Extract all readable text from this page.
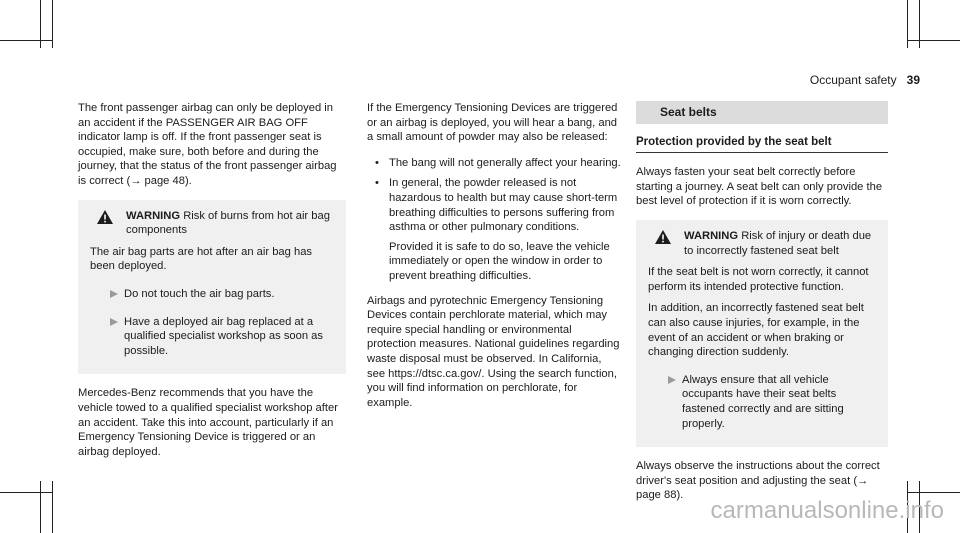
Occupant safety 39

The front passenger airbag can only be deployed in an accident if the PASSENGER AIR BAG OFF indicator lamp is off. If the front passenger seat is occupied, make sure, both before and during the journey, that the status of the front passenger airbag is correct (→ page 48).

WARNING Risk of burns from hot air bag components

The air bag parts are hot after an air bag has been deployed.

Do not touch the air bag parts.
Have a deployed air bag replaced at a qualified specialist workshop as soon as possible.

Mercedes-Benz recommends that you have the vehicle towed to a qualified specialist workshop after an accident. Take this into account, particularly if an Emergency Tensioning Device is triggered or an airbag deployed.

If the Emergency Tensioning Devices are triggered or an airbag is deployed, you will hear a bang, and a small amount of powder may also be released:

• The bang will not generally affect your hearing.

• In general, the powder released is not hazardous to health but may cause short-term breathing difficulties to persons suffering from asthma or other pulmonary conditions.

Provided it is safe to do so, leave the vehicle immediately or open the window in order to prevent breathing difficulties.

Airbags and pyrotechnic Emergency Tensioning Devices contain perchlorate material, which may require special handling or environmental protection measures. National guidelines regarding waste disposal must be observed. In California, see https://dtsc.ca.gov/. Using the search function, you will find information on perchlorate, for example.

Seat belts
Protection provided by the seat belt

Always fasten your seat belt correctly before starting a journey. A seat belt can only provide the best level of protection if it is worn correctly.

WARNING Risk of injury or death due to incorrectly fastened seat belt

If the seat belt is not worn correctly, it cannot perform its intended protective function.

In addition, an incorrectly fastened seat belt can also cause injuries, for example, in the event of an accident or when braking or changing direction suddenly.

Always ensure that all vehicle occupants have their seat belts fastened correctly and are sitting properly.

Always observe the instructions about the correct driver's seat position and adjusting the seat (→ page 88).

carmanualsonline.info
